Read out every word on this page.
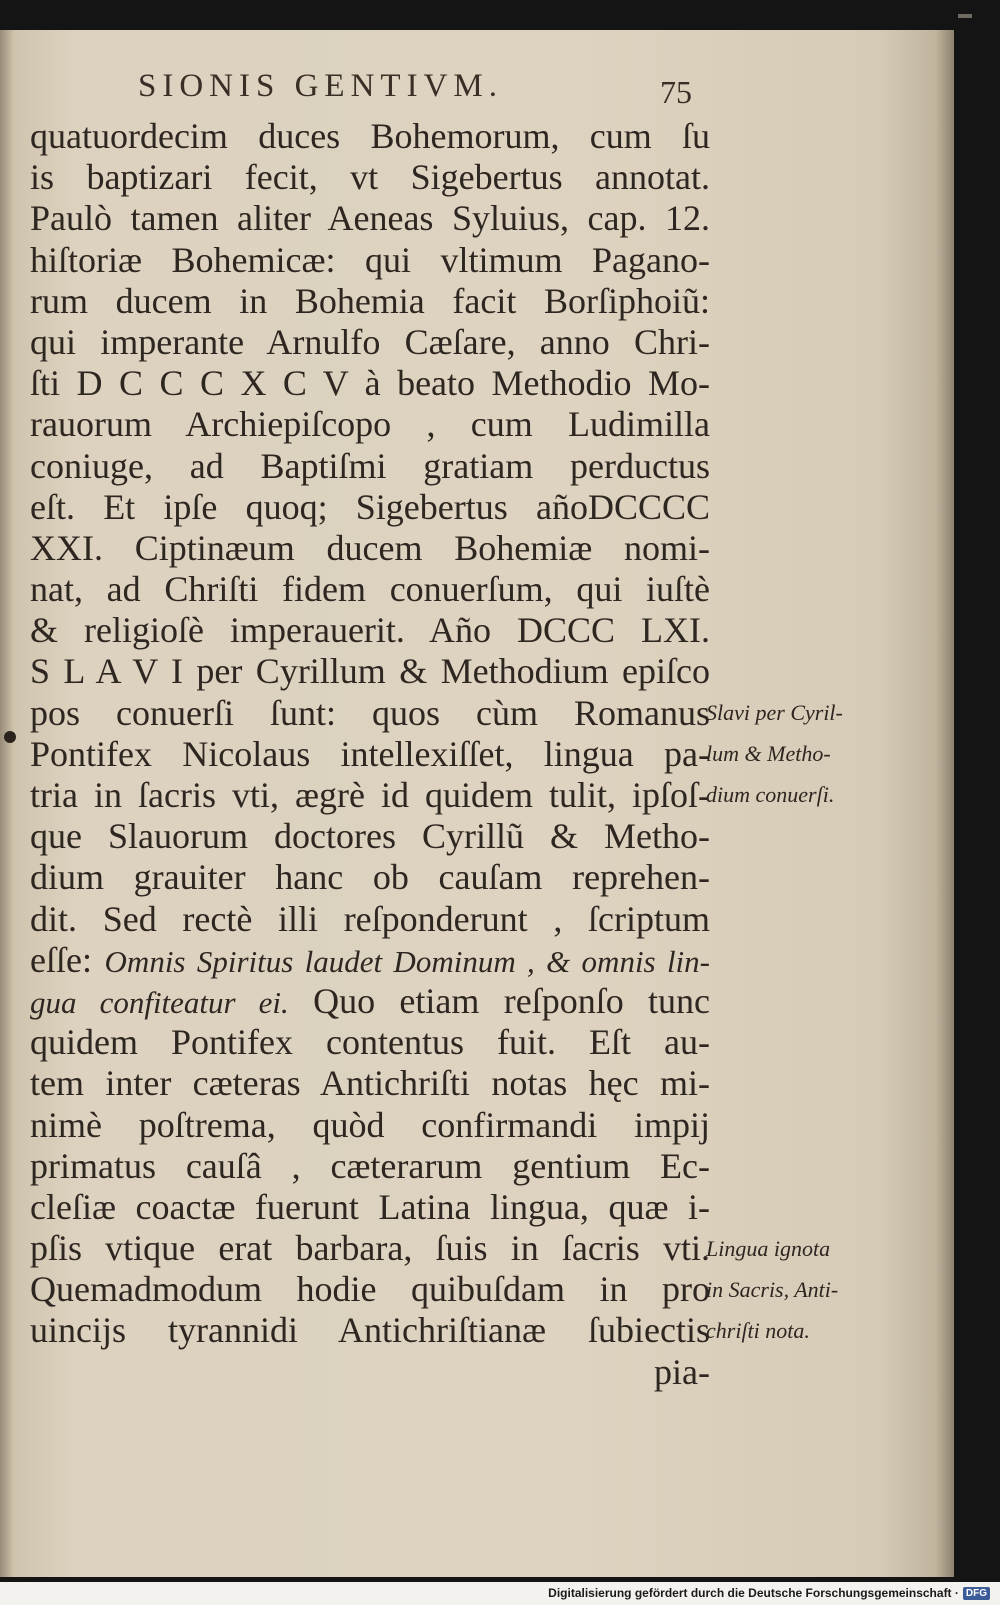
SIONIS GENTIVM.	75
quatuordecim duces Bohemorum, cum ſu
is baptizari fecit, vt Sigebertus annotat.
Paulò tamen aliter Aeneas Syluius, cap. 12.
hiſtoriæ Bohemicæ: qui vltimum Pagano-
rum ducem in Bohemia facit Borſiphoiũ:
qui imperante Arnulfo Cæſare, anno Chri-
ſti D C C C X C V à beato Methodio Mo-
rauorum Archiepiſcopo , cum Ludimilla
coniuge, ad Baptiſmi gratiam perductus
eſt. Et ipſe quoq; Sigebertus añoDCCCC
XXI. Ciptinæum ducem Bohemiæ nomi-
nat, ad Chriſti fidem conuerſum, qui iuſtè
& religioſè imperauerit. Año DCCC LXI.
S L A V I per Cyrillum & Methodium epiſco
pos conuerſi ſunt: quos cùm Romanus
Pontifex Nicolaus intellexiſſet, lingua pa-
tria in ſacris vti, ægrè id quidem tulit, ipſoſ-
que Slauorum doctores Cyrillũ & Metho-
dium grauiter hanc ob cauſam reprehen-
dit. Sed rectè illi reſponderunt , ſcriptum
eſſe: Omnis Spiritus laudet Dominum , & omnis lin-
gua confiteatur ei. Quo etiam reſponſo tunc
quidem Pontifex contentus fuit. Eſt au-
tem inter cæteras Antichriſti notas hęc mi-
nimè poſtrema, quòd confirmandi impij
primatus cauſâ , cæterarum gentium Ec-
cleſiæ coactæ fuerunt Latina lingua, quæ i-
pſis vtique erat barbara, ſuis in ſacris vti.
Quemadmodum hodie quibuſdam in pro
uincijs tyrannidi Antichriſtianæ ſubiectis
pia-
Slavi per Cyril-
lum & Metho-
dium conuerſi.
Lingua ignota
in Sacris, Anti-
chriſti nota.
Digitalisierung gefördert durch die Deutsche Forschungsgemeinschaft · DFG
